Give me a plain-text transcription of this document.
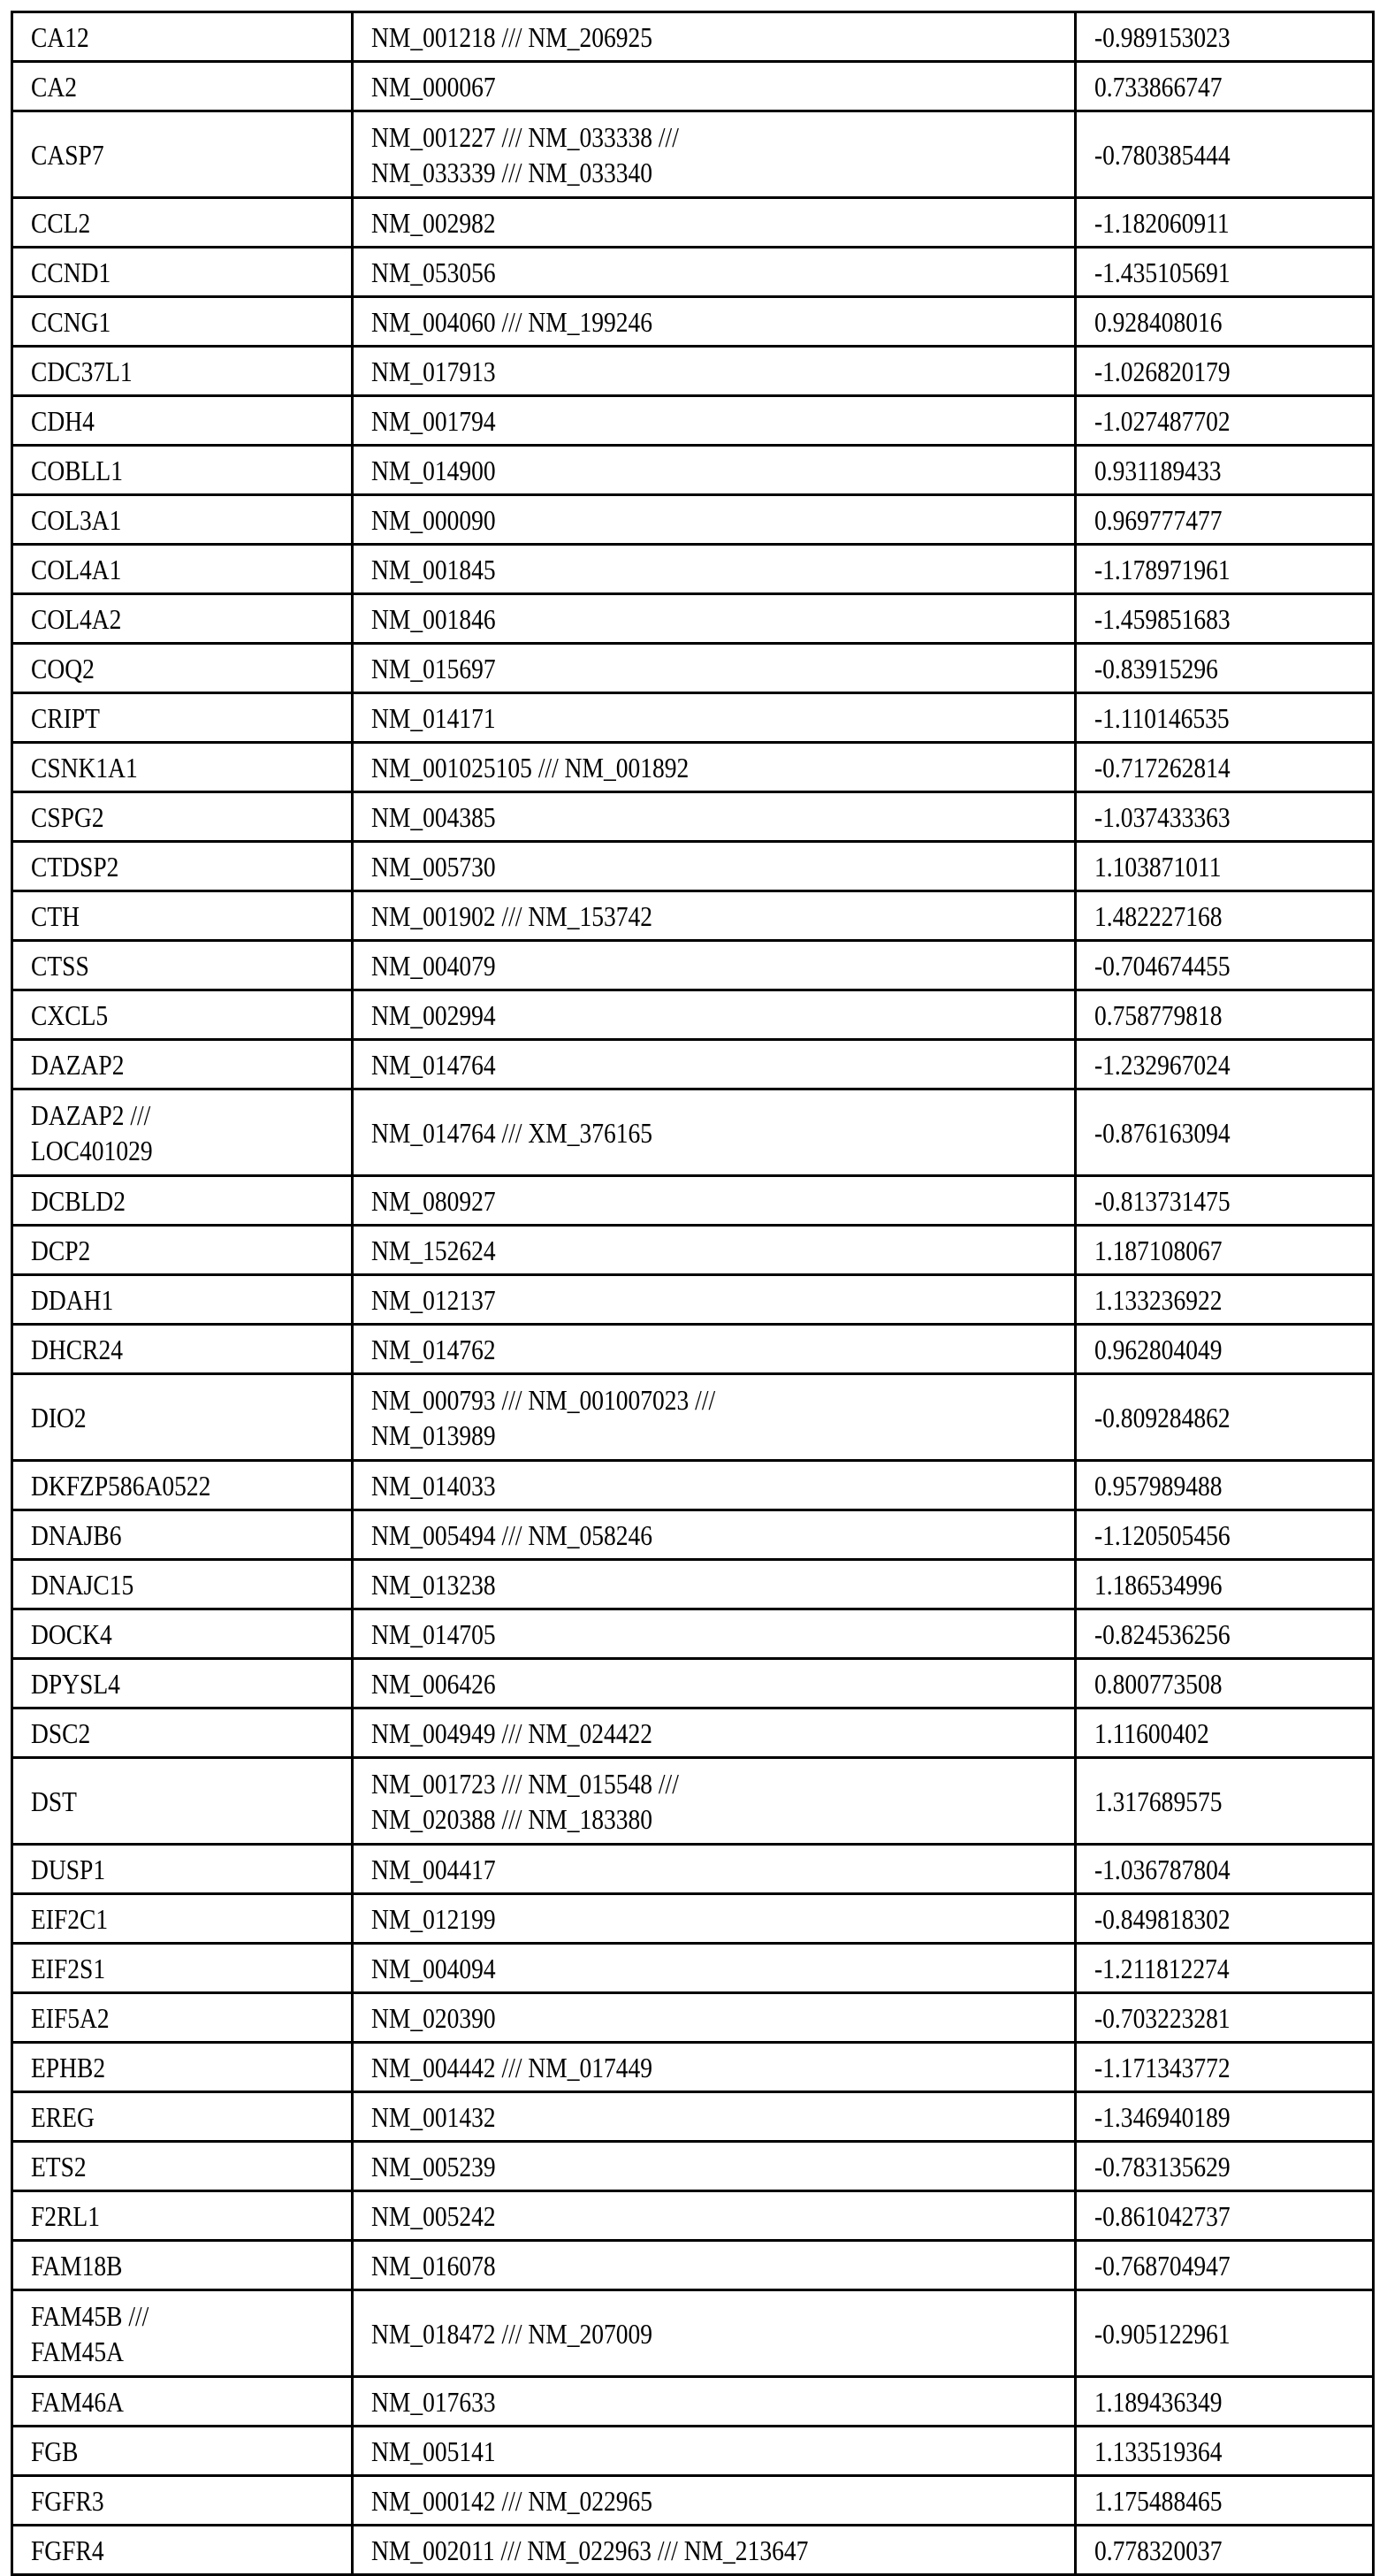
CA12	NM_001218 /// NM_206925	-0.989153023

CA2	NM_000067	0.733866747

CASP7	NM_001227 /// NM_033338 ///
NM_033339 /// NM_033340	-0.780385444

CCL2	NM_002982	-1.182060911

CCND1	NM_053056	-1.435105691

CCNG1	NM_004060 /// NM_199246	0.928408016

CDC37L1	NM_017913	-1.026820179

CDH4	NM_001794	-1.027487702

COBLL1	NM_014900	0.931189433

COL3A1	NM_000090	0.969777477

COL4A1	NM_001845	-1.178971961

COL4A2	NM_001846	-1.459851683

COQ2	NM_015697	-0.83915296

CRIPT	NM_014171	-1.110146535

CSNK1A1	NM_001025105 /// NM_001892	-0.717262814

CSPG2	NM_004385	-1.037433363

CTDSP2	NM_005730	1.103871011

CTH	NM_001902 /// NM_153742	1.482227168

CTSS	NM_004079	-0.704674455

CXCL5	NM_002994	0.758779818

DAZAP2	NM_014764	-1.232967024

DAZAP2 ///
LOC401029	NM_014764 /// XM_376165	-0.876163094

DCBLD2	NM_080927	-0.813731475

DCP2	NM_152624	1.187108067

DDAH1	NM_012137	1.133236922

DHCR24	NM_014762	0.962804049

DIO2	NM_000793 /// NM_001007023 ///
NM_013989	-0.809284862

DKFZP586A0522	NM_014033	0.957989488

DNAJB6	NM_005494 /// NM_058246	-1.120505456

DNAJC15	NM_013238	1.186534996

DOCK4	NM_014705	-0.824536256

DPYSL4	NM_006426	0.800773508

DSC2	NM_004949 /// NM_024422	1.11600402

DST	NM_001723 /// NM_015548 ///
NM_020388 /// NM_183380	1.317689575

DUSP1	NM_004417	-1.036787804

EIF2C1	NM_012199	-0.849818302

EIF2S1	NM_004094	-1.211812274

EIF5A2	NM_020390	-0.703223281

EPHB2	NM_004442 /// NM_017449	-1.171343772

EREG	NM_001432	-1.346940189

ETS2	NM_005239	-0.783135629

F2RL1	NM_005242	-0.861042737

FAM18B	NM_016078	-0.768704947

FAM45B ///
FAM45A	NM_018472 /// NM_207009	-0.905122961

FAM46A	NM_017633	1.189436349

FGB	NM_005141	1.133519364

FGFR3	NM_000142 /// NM_022965	1.175488465

FGFR4	NM_002011 /// NM_022963 /// NM_213647	0.778320037
